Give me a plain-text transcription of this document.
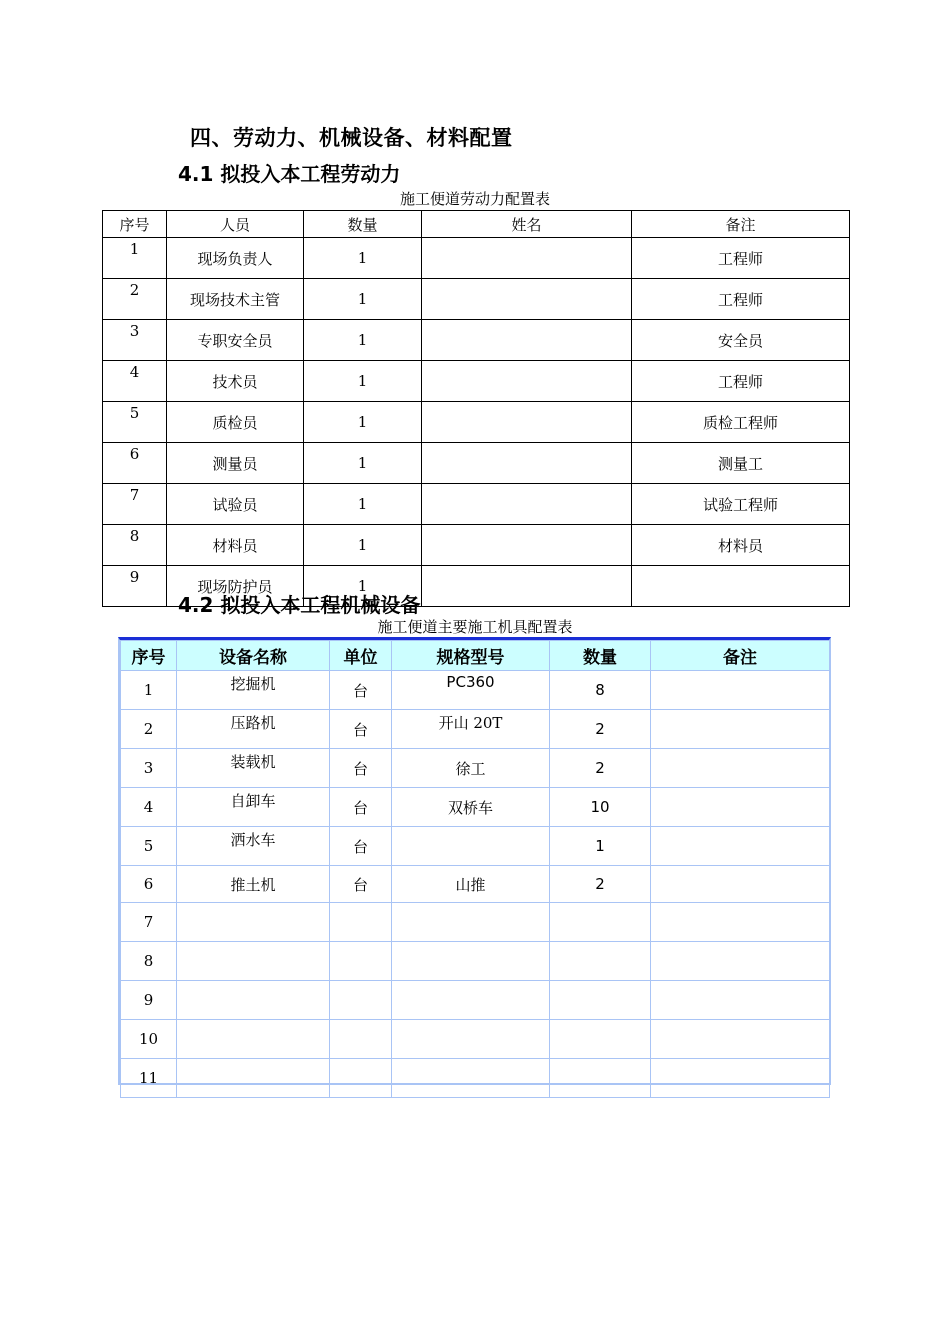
四、劳动力、机械设备、材料配置
4.1 拟投入本工程劳动力
施工便道劳动力配置表
序号	人员	数量	姓名	备注
1	现场负责人	1		工程师
2	现场技术主管	1		工程师
3	专职安全员	1		安全员
4	技术员	1		工程师
5	质检员	1		质检工程师
6	测量员	1		测量工
7	试验员	1		试验工程师
8	材料员	1		材料员
9	现场防护员	1		
4.2 拟投入本工程机械设备
施工便道主要施工机具配置表
序号	设备名称	单位	规格型号	数量	备注
1	挖掘机	台	PC360	8	
2	压路机	台	开山 20T	2	
3	装载机	台	徐工	2	
4	自卸车	台	双桥车	10	
5	洒水车	台		1	
6	推土机	台	山推	2	
7					
8					
9					
10					
11					
